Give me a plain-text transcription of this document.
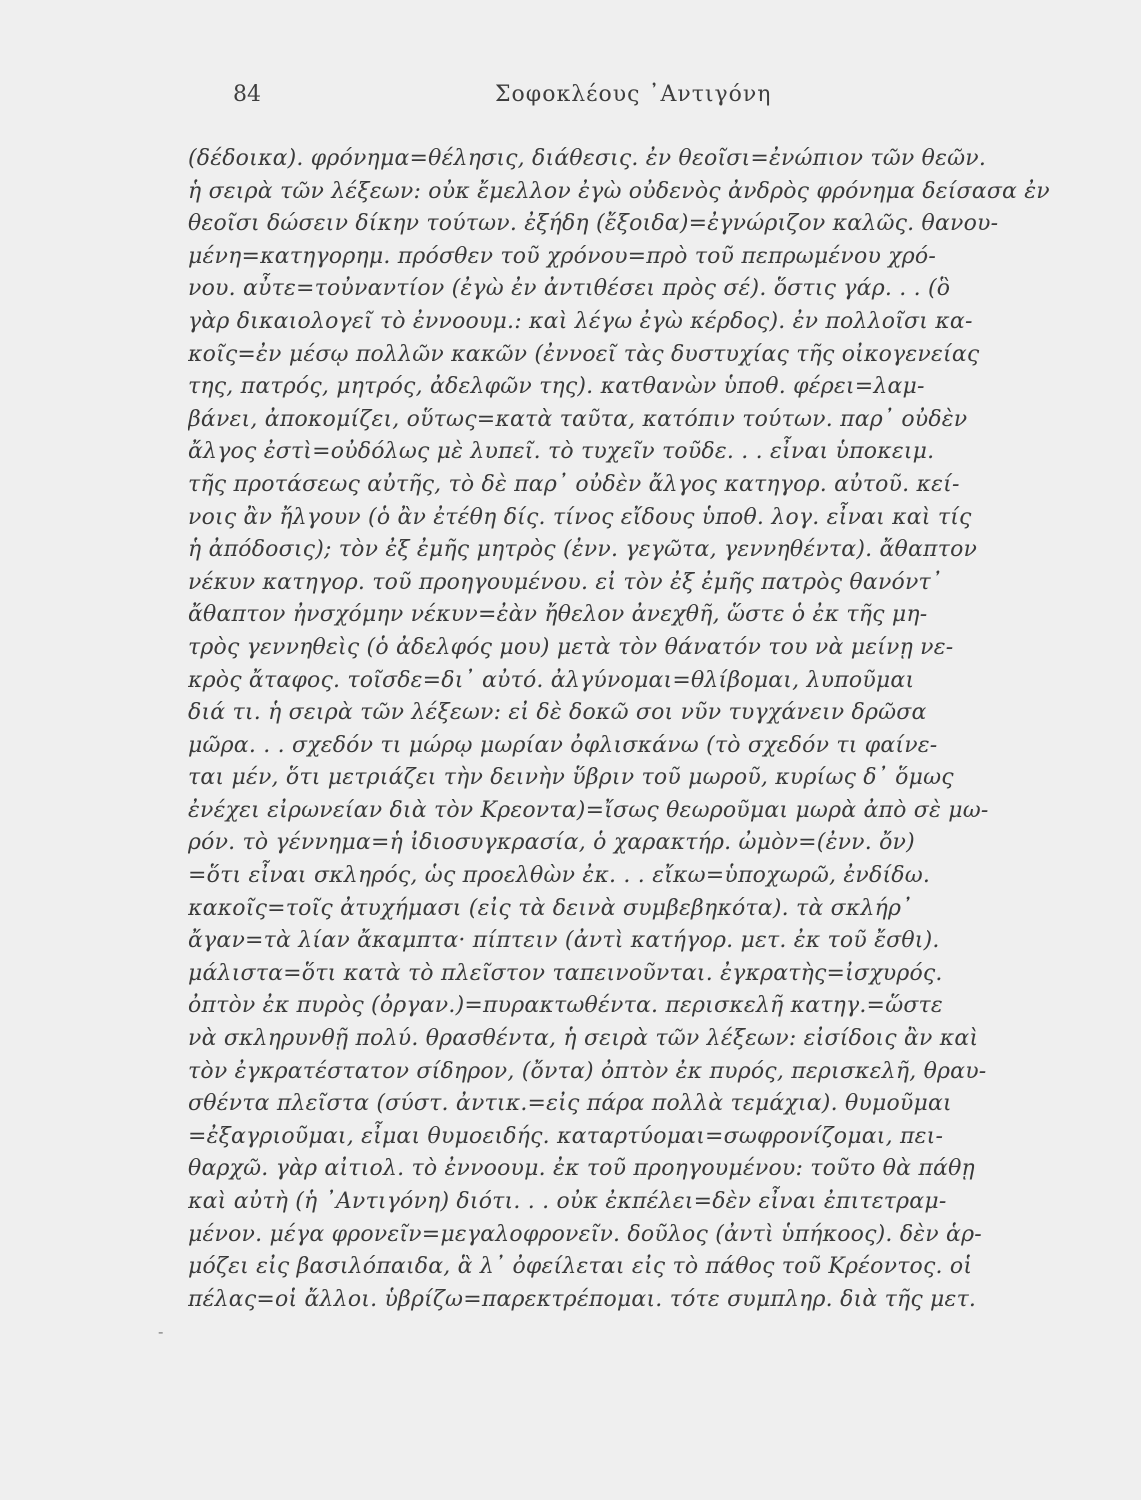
84	Σοφοκλέους ᾿Αντιγόνη
(δέδοικα). φρόνημα=θέλησις, διάθεσις. ἐν θεοῖσι=ἐνώπιον τῶν θεῶν.
ἡ σειρὰ τῶν λέξεων: οὐκ ἔμελλον ἐγὼ οὐδενὸς ἀνδρὸς φρόνημα δείσασα ἐν
θεοῖσι δώσειν δίκην τούτων. ἐξήδη (ἔξοιδα)=ἐγνώριζον καλῶς. θανου-
μένη=κατηγορημ. πρόσθεν τοῦ χρόνου=πρὸ τοῦ πεπρωμένου χρό-
νου. αὖτε=τοὐναντίον (ἐγὼ ἐν ἀντιθέσει πρὸς σέ). ὅστις γάρ. . . (ὃ
γὰρ δικαιολογεῖ τὸ ἐννοουμ.: καὶ λέγω ἐγὼ κέρδος). ἐν πολλοῖσι κα-
κοῖς=ἐν μέσῳ πολλῶν κακῶν (ἐννοεῖ τὰς δυστυχίας τῆς οἰκογενείας
της, πατρός, μητρός, ἀδελφῶν της). κατθανὼν ὑποθ. φέρει=λαμ-
βάνει, ἀποκομίζει, οὕτως=κατὰ ταῦτα, κατόπιν τούτων. παρ᾿ οὐδὲν
ἄλγος ἐστὶ=οὐδόλως μὲ λυπεῖ. τὸ τυχεῖν τοῦδε. . . εἶναι ὑποκειμ.
τῆς προτάσεως αὐτῆς, τὸ δὲ παρ᾿ οὐδὲν ἄλγος κατηγορ. αὐτοῦ. κεί-
νοις ἂν ἤλγουν (ὁ ἂν ἐτέθη δίς. τίνος εἴδους ὑποθ. λογ. εἶναι καὶ τίς
ἡ ἀπόδοσις); τὸν ἐξ ἐμῆς μητρὸς (ἐνν. γεγῶτα, γεννηθέντα). ἄθαπτον
νέκυν κατηγορ. τοῦ προηγουμένου. εἰ τὸν ἐξ ἐμῆς πατρὸς θανόντ᾿
ἄθαπτον ἠνσχόμην νέκυν=ἐὰν ἤθελον ἀνεχθῆ, ὥστε ὁ ἐκ τῆς μη-
τρὸς γεννηθεὶς (ὁ ἀδελφός μου) μετὰ τὸν θάνατόν του νὰ μείνῃ νε-
κρὸς ἄταφος. τοῖσδε=δι᾿ αὐτό. ἀλγύνομαι=θλίβομαι, λυποῦμαι
διά τι. ἡ σειρὰ τῶν λέξεων: εἰ δὲ δοκῶ σοι νῦν τυγχάνειν δρῶσα
μῶρα. . . σχεδόν τι μώρῳ μωρίαν ὀφλισκάνω (τὸ σχεδόν τι φαίνε-
ται μέν, ὅτι μετριάζει τὴν δεινὴν ὕβριν τοῦ μωροῦ, κυρίως δ᾿ ὅμως
ἐνέχει εἰρωνείαν διὰ τὸν Κρεοντα)=ἴσως θεωροῦμαι μωρὰ ἀπὸ σὲ μω-
ρόν. τὸ γέννημα=ἡ ἰδιοσυγκρασία, ὁ χαρακτήρ. ὠμὸν=(ἐνν. ὄν)
=ὅτι εἶναι σκληρός, ὡς προελθὼν ἐκ. . . εἴκω=ὑποχωρῶ, ἐνδίδω.
κακοῖς=τοῖς ἀτυχήμασι (εἰς τὰ δεινὰ συμβεβηκότα). τὰ σκλήρ᾿
ἄγαν=τὰ λίαν ἄκαμπτα· πίπτειν (ἀντὶ κατήγορ. μετ. ἐκ τοῦ ἔσθι).
μάλιστα=ὅτι κατὰ τὸ πλεῖστον ταπεινοῦνται. ἐγκρατὴς=ἰσχυρός.
ὀπτὸν ἐκ πυρὸς (ὀργαν.)=πυρακτωθέντα. περισκελῆ κατηγ.=ὥστε
νὰ σκληρυνθῇ πολύ. θρασθέντα, ἡ σειρὰ τῶν λέξεων: εἰσίδοις ἂν καὶ
τὸν ἐγκρατέστατον σίδηρον, (ὄντα) ὀπτὸν ἐκ πυρός, περισκελῆ, θραυ-
σθέντα πλεῖστα (σύστ. ἀντικ.=εἰς πάρα πολλὰ τεμάχια). θυμοῦμαι
=ἐξαγριοῦμαι, εἶμαι θυμοειδής. καταρτύομαι=σωφρονίζομαι, πει-
θαρχῶ. γὰρ αἰτιολ. τὸ ἐννοουμ. ἐκ τοῦ προηγουμένου: τοῦτο θὰ πάθῃ
καὶ αὐτὴ (ἡ ᾿Αντιγόνη) διότι. . . οὐκ ἐκπέλει=δὲν εἶναι ἐπιτετραμ-
μένον. μέγα φρονεῖν=μεγαλοφρονεῖν. δοῦλος (ἀντὶ ὑπήκοος). δὲν ἁρ-
μόζει εἰς βασιλόπαιδα, ἃ λ᾿ ὀφείλεται εἰς τὸ πάθος τοῦ Κρέοντος. οἱ
πέλας=οἱ ἄλλοι. ὑβρίζω=παρεκτρέπομαι. τότε συμπληρ. διὰ τῆς μετ.
-
